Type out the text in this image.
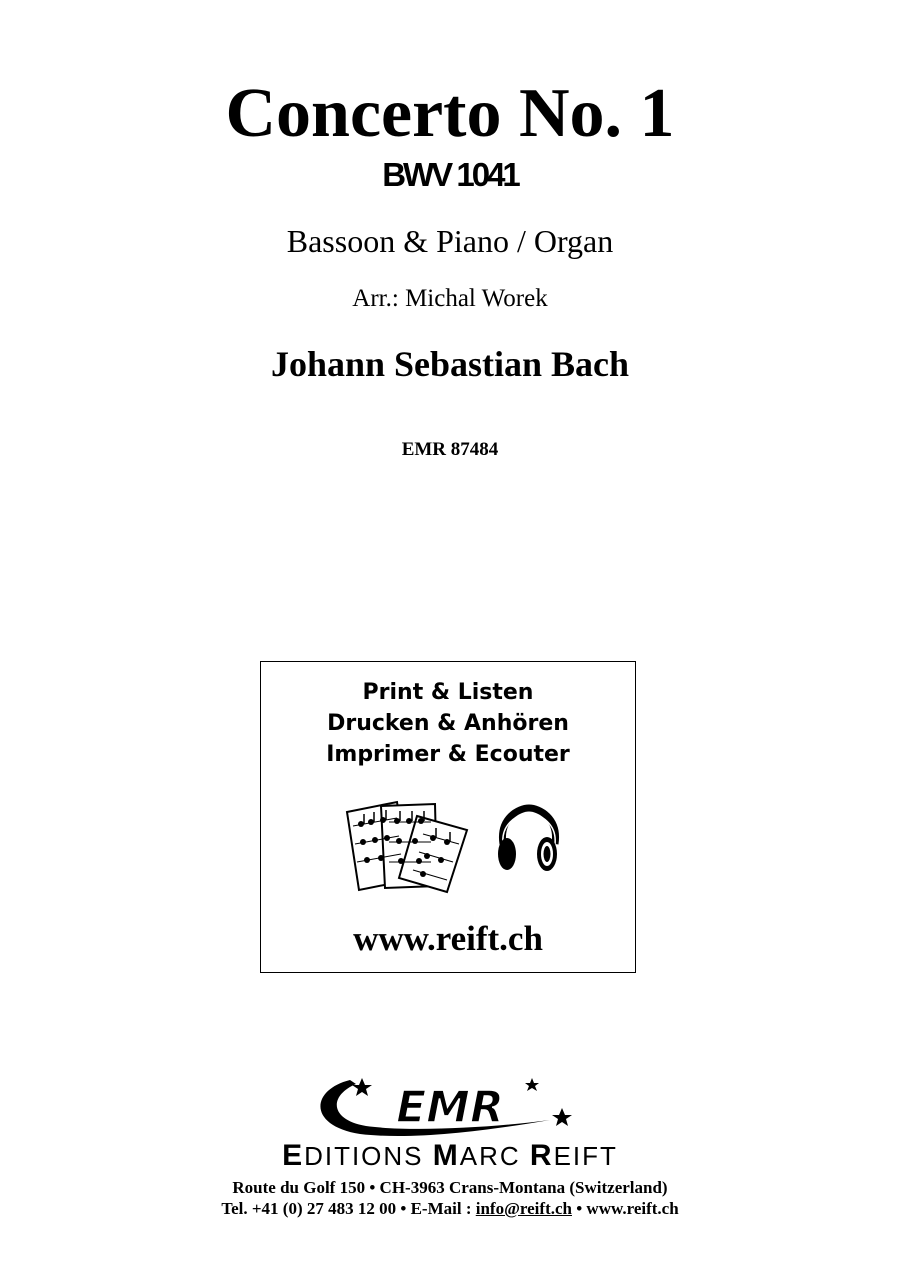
Concerto No. 1
BWV 1041
Bassoon & Piano / Organ
Arr.: Michal Worek
Johann Sebastian Bach
EMR 87484
Print & Listen
Drucken & Anhören
Imprimer & Ecouter
www.reift.ch
EMR
EDITIONS MARC REIFT
Route du Golf 150 • CH-3963 Crans-Montana (Switzerland)
Tel. +41 (0) 27 483 12 00 • E-Mail : info@reift.ch • www.reift.ch
